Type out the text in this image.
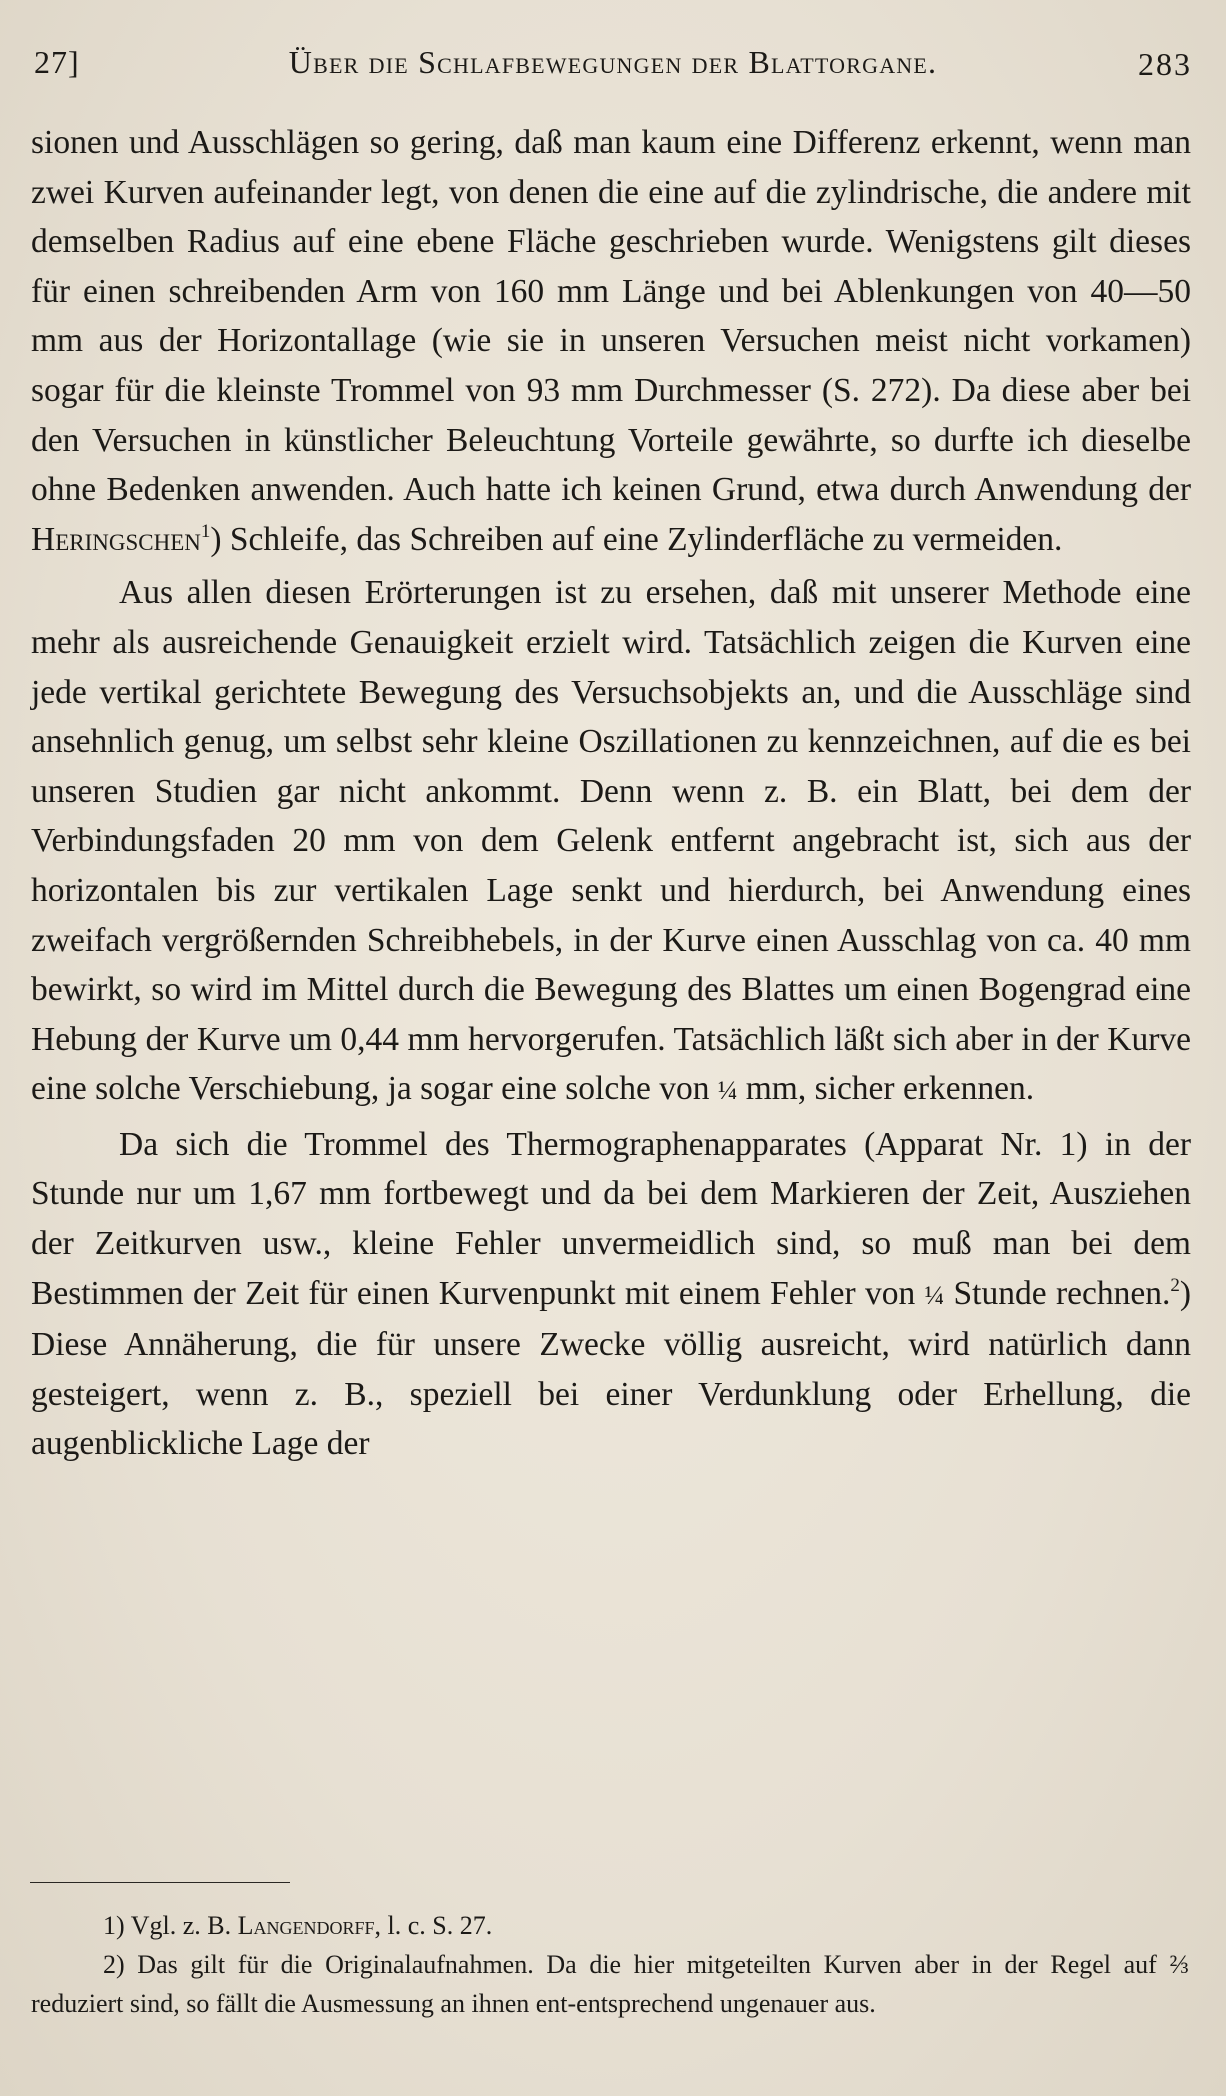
27]	Über die Schlafbewegungen der Blattorgane.	283

sionen und Ausschlägen so gering, daß man kaum eine Differenz erkennt, wenn man zwei Kurven aufeinander legt, von denen die eine auf die zylindrische, die andere mit demselben Radius auf eine ebene Fläche geschrieben wurde. Wenigstens gilt dieses für einen schreibenden Arm von 160 mm Länge und bei Ablenkungen von 40—50 mm aus der Horizontallage (wie sie in unseren Versuchen meist nicht vorkamen) sogar für die kleinste Trommel von 93 mm Durchmesser (S. 272). Da diese aber bei den Versuchen in künstlicher Beleuchtung Vorteile gewährte, so durfte ich dieselbe ohne Bedenken anwenden. Auch hatte ich keinen Grund, etwa durch Anwendung der Heringschen$^1$) Schleife, das Schreiben auf eine Zylinderfläche zu vermeiden.

Aus allen diesen Erörterungen ist zu ersehen, daß mit unserer Methode eine mehr als ausreichende Genauigkeit erzielt wird. Tatsächlich zeigen die Kurven eine jede vertikal gerichtete Bewegung des Versuchsobjekts an, und die Ausschläge sind ansehnlich genug, um selbst sehr kleine Oszillationen zu kennzeichnen, auf die es bei unseren Studien gar nicht ankommt. Denn wenn z. B. ein Blatt, bei dem der Verbindungsfaden 20 mm von dem Gelenk entfernt angebracht ist, sich aus der horizontalen bis zur vertikalen Lage senkt und hierdurch, bei Anwendung eines zweifach vergrößernden Schreibhebels, in der Kurve einen Ausschlag von ca. 40 mm bewirkt, so wird im Mittel durch die Bewegung des Blattes um einen Bogengrad eine Hebung der Kurve um 0,44 mm hervorgerufen. Tatsächlich läßt sich aber in der Kurve eine solche Verschiebung, ja sogar eine solche von ¼ mm, sicher erkennen.

Da sich die Trommel des Thermographenapparates (Apparat Nr. 1) in der Stunde nur um 1,67 mm fortbewegt und da bei dem Markieren der Zeit, Ausziehen der Zeitkurven usw., kleine Fehler unvermeidlich sind, so muß man bei dem Bestimmen der Zeit für einen Kurvenpunkt mit einem Fehler von ¼ Stunde rechnen.$^2$) Diese Annäherung, die für unsere Zwecke völlig ausreicht, wird natürlich dann gesteigert, wenn z. B., speziell bei einer Verdunklung oder Erhellung, die augenblickliche Lage der

1) Vgl. z. B. Langendorff, l. c. S. 27.

2) Das gilt für die Originalaufnahmen. Da die hier mitgeteilten Kurven aber in der Regel auf ⅔ reduziert sind, so fällt die Ausmessung an ihnen ent-entsprechend ungenauer aus.
